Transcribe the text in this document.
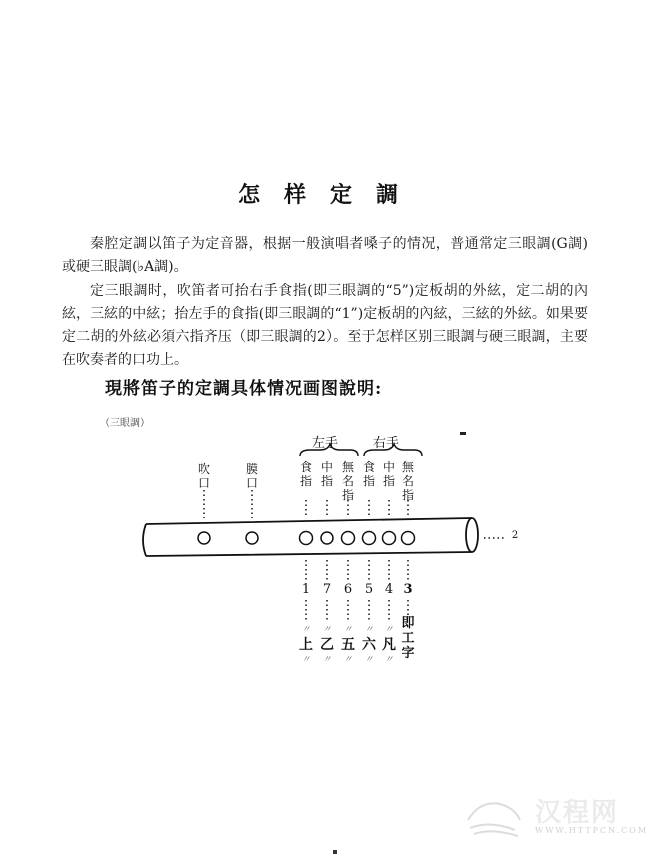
怎样定調

秦腔定調以笛子为定音器，根据一般演唱者嗓子的情况，普通常定三眼調(G調)或硬三眼調(♭A調)。

定三眼調时，吹笛者可抬右手食指(即三眼調的“5”)定板胡的外絃，定二胡的內絃，三絃的中絃；抬左手的食指(即三眼調的“1”)定板胡的內絃，三絃的外絃。如果要定二胡的外絃必須六指齐压（即三眼調的2）。至于怎样区别三眼調与硬三眼調，主要在吹奏者的口功上。

現將笛子的定調具体情况画图說明:
（三眼調）
左手	右手
吹口
膜口
食指
中指
無名指
食指
中指
無名指
1 7 6 5 4 3
2
〃 〃 〃 〃 〃
上 乙 五 六 凡
即工字
〃 〃 〃 〃 〃
汉程网
WWW.HTTPCN.COM
